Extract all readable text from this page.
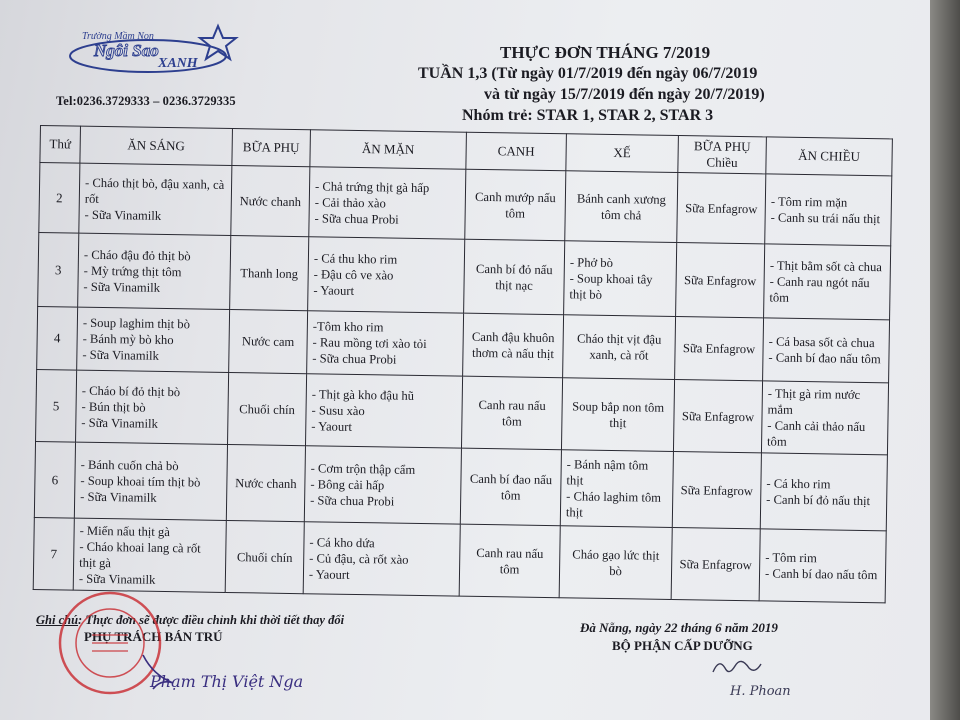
Trường Mầm Non
Ngôi Sao
XANH
Tel:0236.3729333 – 0236.3729335
THỰC ĐƠN THÁNG 7/2019
TUẦN 1,3 (Từ ngày 01/7/2019 đến ngày 06/7/2019
và từ ngày 15/7/2019 đến ngày 20/7/2019)
Nhóm trẻ: STAR 1, STAR 2, STAR 3
Thứ	ĂN SÁNG	BỮA PHỤ	ĂN MẶN	CANH	XẾ	BỮA PHỤ Chiều	ĂN CHIỀU
2	- Cháo thịt bò, đậu xanh, cà rốt
- Sữa Vinamilk	Nước chanh	- Chả trứng thịt gà hấp
- Cải thảo xào
- Sữa chua Probi	Canh mướp nấu tôm	Bánh canh xương tôm chả	Sữa Enfagrow	- Tôm rim mặn
- Canh su trái nấu thịt

3	- Cháo đậu đỏ thịt bò
- Mỳ trứng thịt tôm
- Sữa Vinamilk	Thanh long	- Cá thu kho rim
- Đậu cô ve xào
- Yaourt	Canh bí đỏ nấu thịt nạc	- Phở bò
- Soup khoai tây thịt bò	Sữa Enfagrow	- Thịt bằm sốt cà chua
- Canh rau ngót nấu tôm

4	- Soup laghim thịt bò
- Bánh mỳ bò kho
- Sữa Vinamilk	Nước cam	-Tôm kho rim
- Rau mồng tơi xào tỏi
- Sữa chua Probi	Canh đậu khuôn thơm cà nấu thịt	Cháo thịt vịt đậu xanh, cà rốt	Sữa Enfagrow	- Cá basa sốt cà chua
- Canh bí đao nấu tôm

5	- Cháo bí đỏ thịt bò
- Bún thịt bò
- Sữa Vinamilk	Chuối chín	- Thịt gà kho đậu hũ
- Susu xào
- Yaourt	Canh rau nấu tôm	Soup bắp non tôm thịt	Sữa Enfagrow	- Thịt gà rim nước mắm
- Canh cải thảo nấu tôm

6	- Bánh cuốn chả bò
- Soup khoai tím thịt bò
- Sữa Vinamilk	Nước chanh	- Cơm trộn thập cẩm
- Bông cải hấp
- Sữa chua Probi	Canh bí đao nấu tôm	- Bánh nậm tôm thịt
- Cháo laghim tôm thịt	Sữa Enfagrow	- Cá kho rim
- Canh bí đỏ nấu thịt

7	- Miến nấu thịt gà
- Cháo khoai lang cà rốt thịt gà
- Sữa Vinamilk	Chuối chín	- Cá kho dứa
- Củ đậu, cà rốt xào
- Yaourt	Canh rau nấu tôm	Cháo gạo lức thịt bò	Sữa Enfagrow	- Tôm rim
- Canh bí dao nấu tôm
Ghi chú: Thực đơn sẽ được điều chỉnh khi thời tiết thay đổi
PHỤ TRÁCH BÁN TRÚ
Đà Nẵng, ngày 22 tháng 6 năm 2019
BỘ PHẬN CẤP DƯỠNG
Phạm Thị Việt Nga
H. Phoan
